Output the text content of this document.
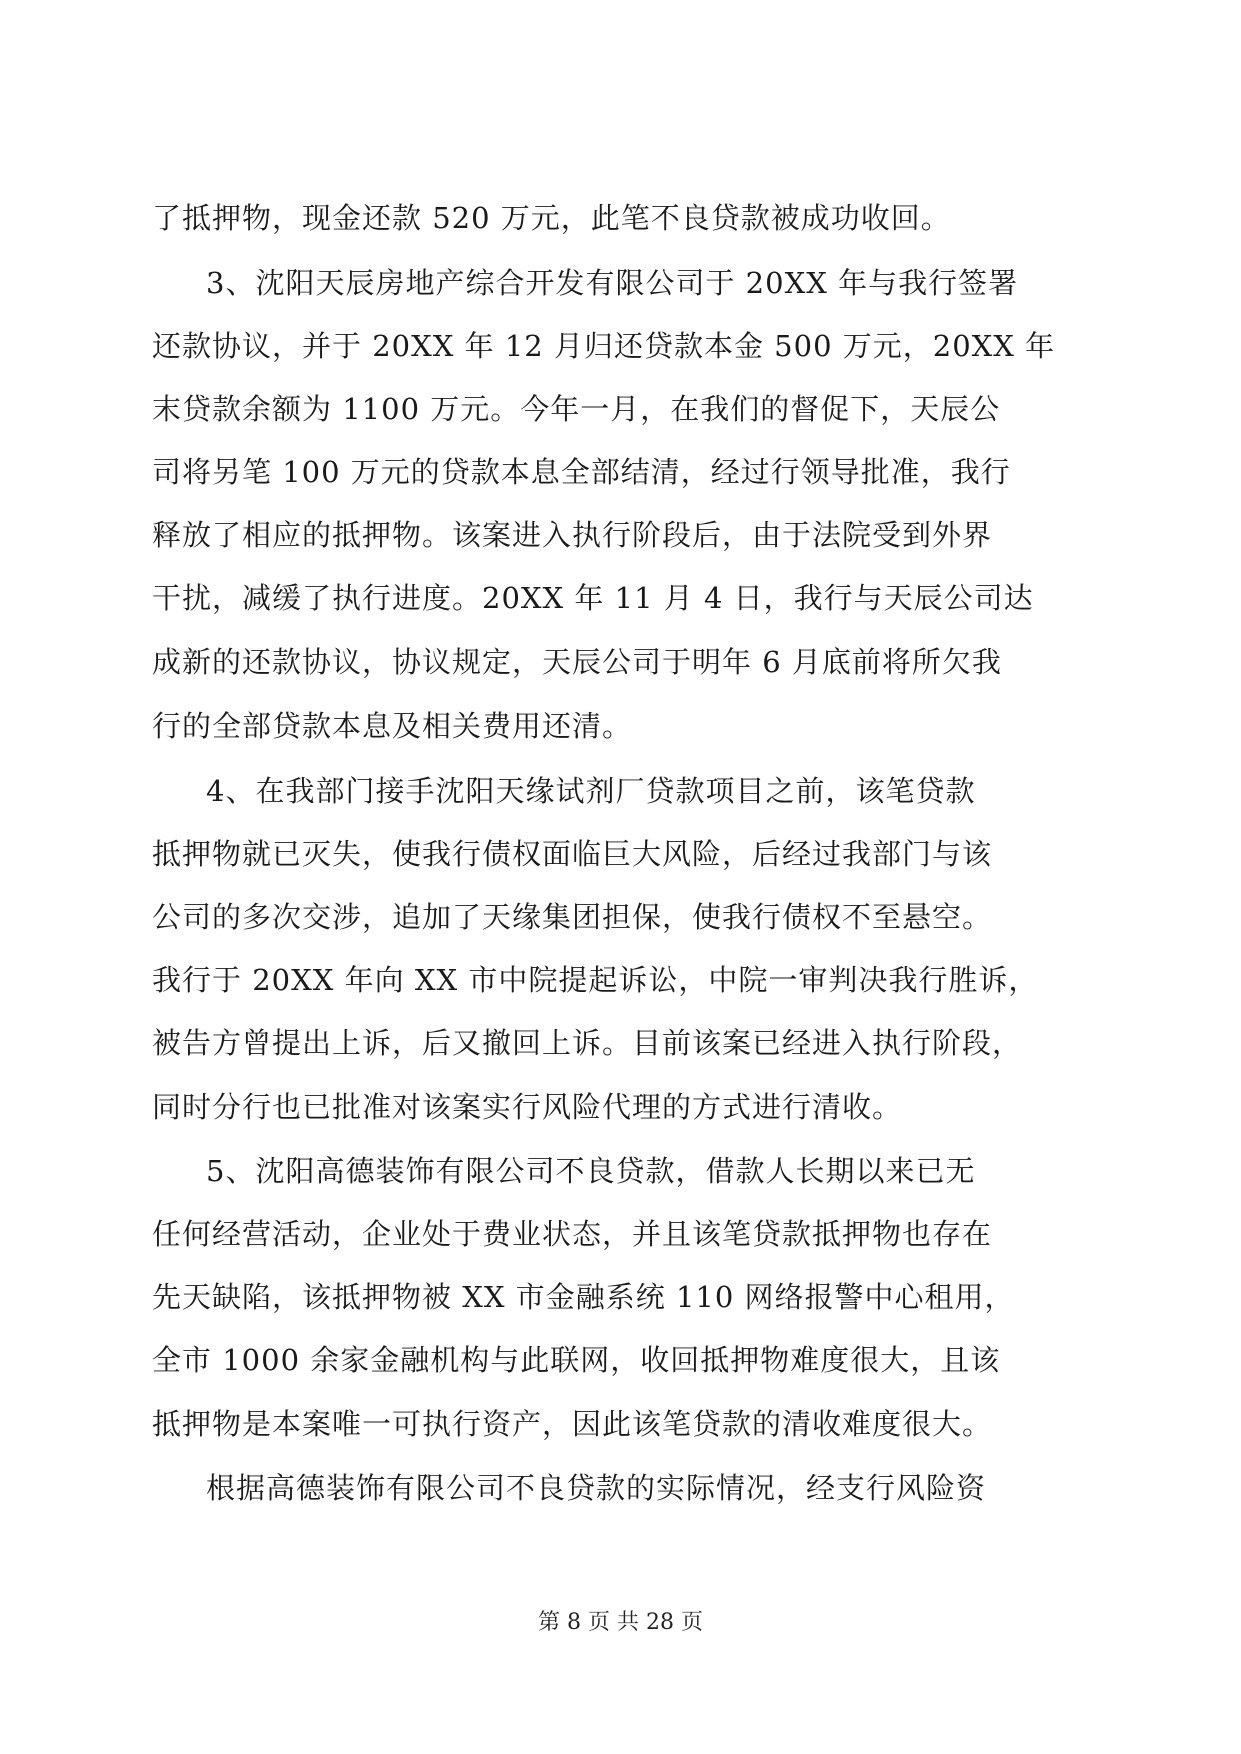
了抵押物，现金还款 520 万元，此笔不良贷款被成功收回。
3、沈阳天辰房地产综合开发有限公司于 20XX 年与我行签署
还款协议，并于 20XX 年 12 月归还贷款本金 500 万元，20XX 年
末贷款余额为 1100 万元。今年一月，在我们的督促下，天辰公
司将另笔 100 万元的贷款本息全部结清，经过行领导批准，我行
释放了相应的抵押物。该案进入执行阶段后，由于法院受到外界
干扰，减缓了执行进度。20XX 年 11 月 4 日，我行与天辰公司达
成新的还款协议，协议规定，天辰公司于明年 6 月底前将所欠我
行的全部贷款本息及相关费用还清。
4、在我部门接手沈阳天缘试剂厂贷款项目之前，该笔贷款
抵押物就已灭失，使我行债权面临巨大风险，后经过我部门与该
公司的多次交涉，追加了天缘集团担保，使我行债权不至悬空。
我行于 20XX 年向 XX 市中院提起诉讼，中院一审判决我行胜诉，
被告方曾提出上诉，后又撤回上诉。目前该案已经进入执行阶段，
同时分行也已批准对该案实行风险代理的方式进行清收。
5、沈阳高德装饰有限公司不良贷款，借款人长期以来已无
任何经营活动，企业处于费业状态，并且该笔贷款抵押物也存在
先天缺陷，该抵押物被 XX 市金融系统 110 网络报警中心租用，
全市 1000 余家金融机构与此联网，收回抵押物难度很大，且该
抵押物是本案唯一可执行资产，因此该笔贷款的清收难度很大。
根据高德装饰有限公司不良贷款的实际情况，经支行风险资
第 8 页 共 28 页
